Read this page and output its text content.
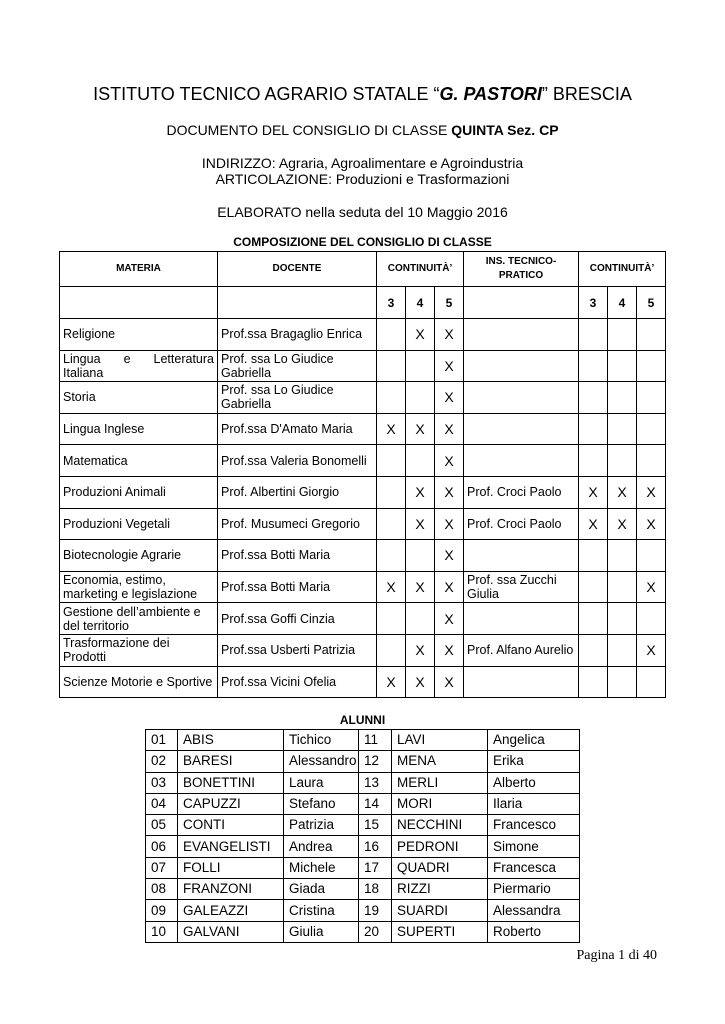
ISTITUTO TECNICO AGRARIO STATALE “G. PASTORI” BRESCIA
DOCUMENTO DEL CONSIGLIO DI CLASSE QUINTA Sez. CP
INDIRIZZO: Agraria, Agroalimentare e Agroindustria
ARTICOLAZIONE: Produzioni e Trasformazioni
ELABORATO nella seduta del 10 Maggio 2016
COMPOSIZIONE DEL CONSIGLIO DI CLASSE
MATERIA	DOCENTE	CONTINUITÀ’			INS. TECNICO-PRATICO	CONTINUITÀ’		
		3	4	5		3	4	5
Religione	Prof.ssa Bragaglio Enrica		X	X				

Lingua e Letteratura
Italiana	Prof. ssa Lo Giudice Gabriella			X				
Storia	Prof. ssa Lo Giudice Gabriella			X				
Lingua Inglese	Prof.ssa D'Amato Maria	X	X	X				
Matematica	Prof.ssa Valeria Bonomelli			X				
Produzioni Animali	Prof. Albertini Giorgio		X	X	Prof. Croci Paolo	X	X	X
Produzioni Vegetali	Prof. Musumeci Gregorio		X	X	Prof. Croci Paolo	X	X	X
Biotecnologie Agrarie	Prof.ssa Botti Maria			X				
Economia, estimo, marketing e legislazione	Prof.ssa Botti Maria	X	X	X	Prof. ssa Zucchi Giulia			X
Gestione dell’ambiente e del territorio	Prof.ssa Goffi Cinzia			X				
Trasformazione dei Prodotti	Prof.ssa Usberti Patrizia		X	X	Prof. Alfano Aurelio			X
Scienze Motorie e Sportive	Prof.ssa Vicini Ofelia	X	X	X				
ALUNNI
01	ABIS	Tichico	11	LAVI	Angelica
02	BARESI	Alessandro	12	MENA	Erika
03	BONETTINI	Laura	13	MERLI	Alberto
04	CAPUZZI	Stefano	14	MORI	Ilaria
05	CONTI	Patrizia	15	NECCHINI	Francesco
06	EVANGELISTI	Andrea	16	PEDRONI	Simone
07	FOLLI	Michele	17	QUADRI	Francesca
08	FRANZONI	Giada	18	RIZZI	Piermario
09	GALEAZZI	Cristina	19	SUARDI	Alessandra
10	GALVANI	Giulia	20	SUPERTI	Roberto
Pagina 1 di 40
